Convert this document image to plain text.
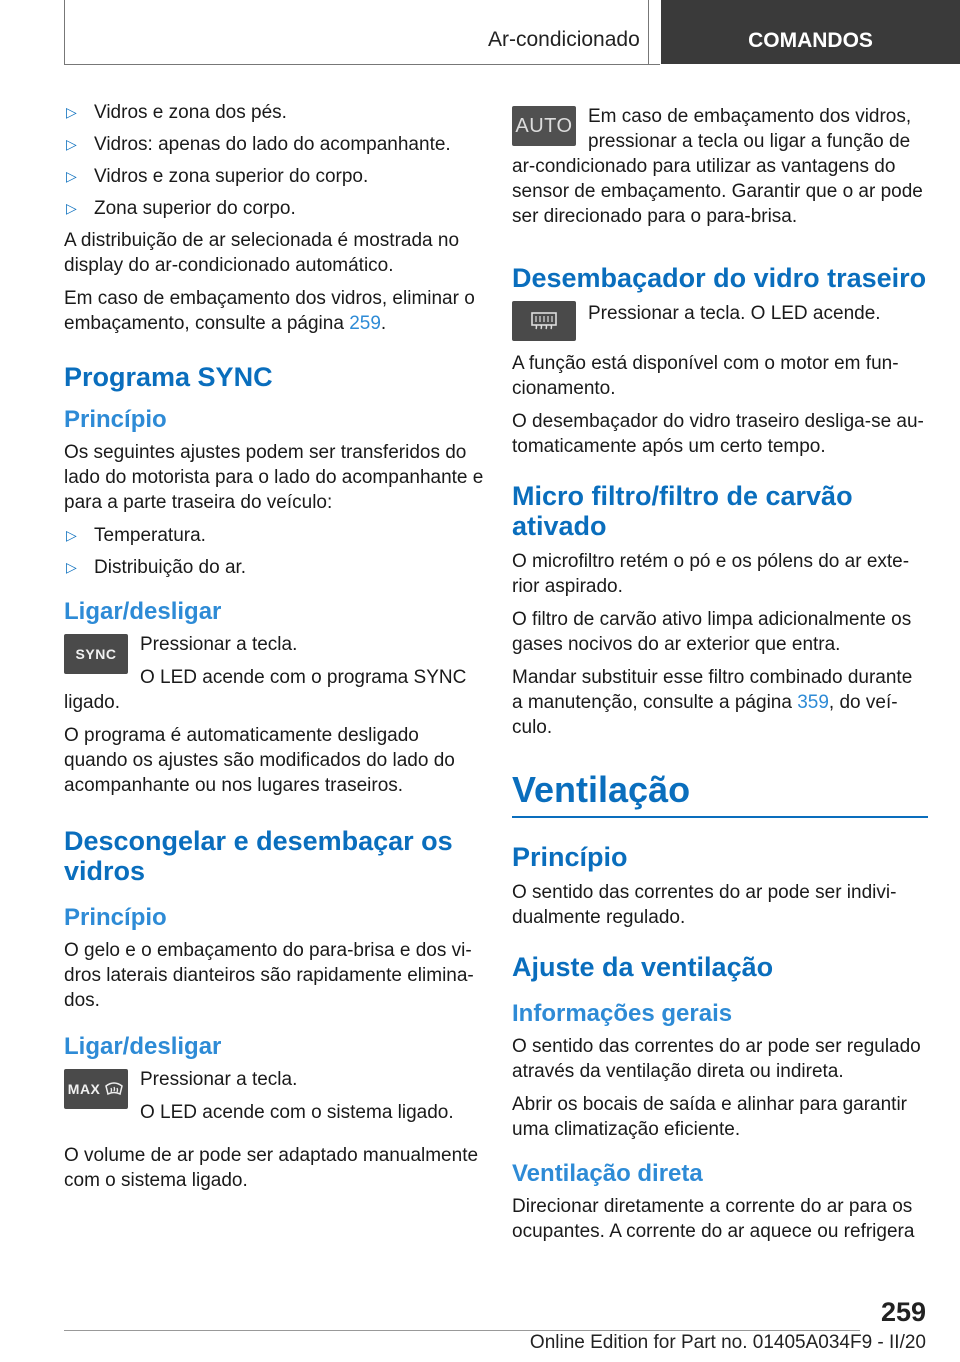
Ar-condicionado	COMANDOS
▷ Vidros e zona dos pés.
▷ Vidros: apenas do lado do acompanhante.
▷ Vidros e zona superior do corpo.
▷ Zona superior do corpo.

A distribuição de ar selecionada é mostrada no display do ar-condicionado automático.

Em caso de embaçamento dos vidros, eliminar o embaçamento, consulte a página 259.

Programa SYNC
Princípio

Os seguintes ajustes podem ser transferidos do lado do motorista para o lado do acompanhante e para a parte traseira do veículo:

▷ Temperatura.
▷ Distribuição do ar.
Ligar/desligar
SYNC	Pressionar a tecla.

O LED acende com o programa SYNC ligado.

O programa é automaticamente desligado quando os ajustes são modificados do lado do acompanhante ou nos lugares traseiros.

Descongelar e desembaçar os vidros
Princípio

O gelo e o embaçamento do para-brisa e dos vi‐dros laterais dianteiros são rapidamente elimina‐dos.

Ligar/desligar
MAX	Pressionar a tecla.

O LED acende com o sistema ligado.

O volume de ar pode ser adaptado manualmente com o sistema ligado.

AUTO Em caso de embaçamento dos vidros, pressionar a tecla ou ligar a função de ar-condicionado para utilizar as vantagens do sensor de embaçamento. Garantir que o ar pode ser direcionado para o para-brisa.

Desembaçador do vidro traseiro

Pressionar a tecla. O LED acende.

A função está disponível com o motor em fun‐cionamento.

O desembaçador do vidro traseiro desliga-se au‐tomaticamente após um certo tempo.

Micro filtro/filtro de carvão ativado

O microfiltro retém o pó e os pólens do ar exte‐rior aspirado.

O filtro de carvão ativo limpa adicionalmente os gases nocivos do ar exterior que entra.

Mandar substituir esse filtro combinado durante a manutenção, consulte a página 359, do veí‐culo.

Ventilação
Princípio

O sentido das correntes do ar pode ser indivi‐dualmente regulado.

Ajuste da ventilação
Informações gerais

O sentido das correntes do ar pode ser regulado através da ventilação direta ou indireta.

Abrir os bocais de saída e alinhar para garantir uma climatização eficiente.

Ventilação direta

Direcionar diretamente a corrente do ar para os ocupantes. A corrente do ar aquece ou refrigera

259
Online Edition for Part no. 01405A034F9 - II/20
